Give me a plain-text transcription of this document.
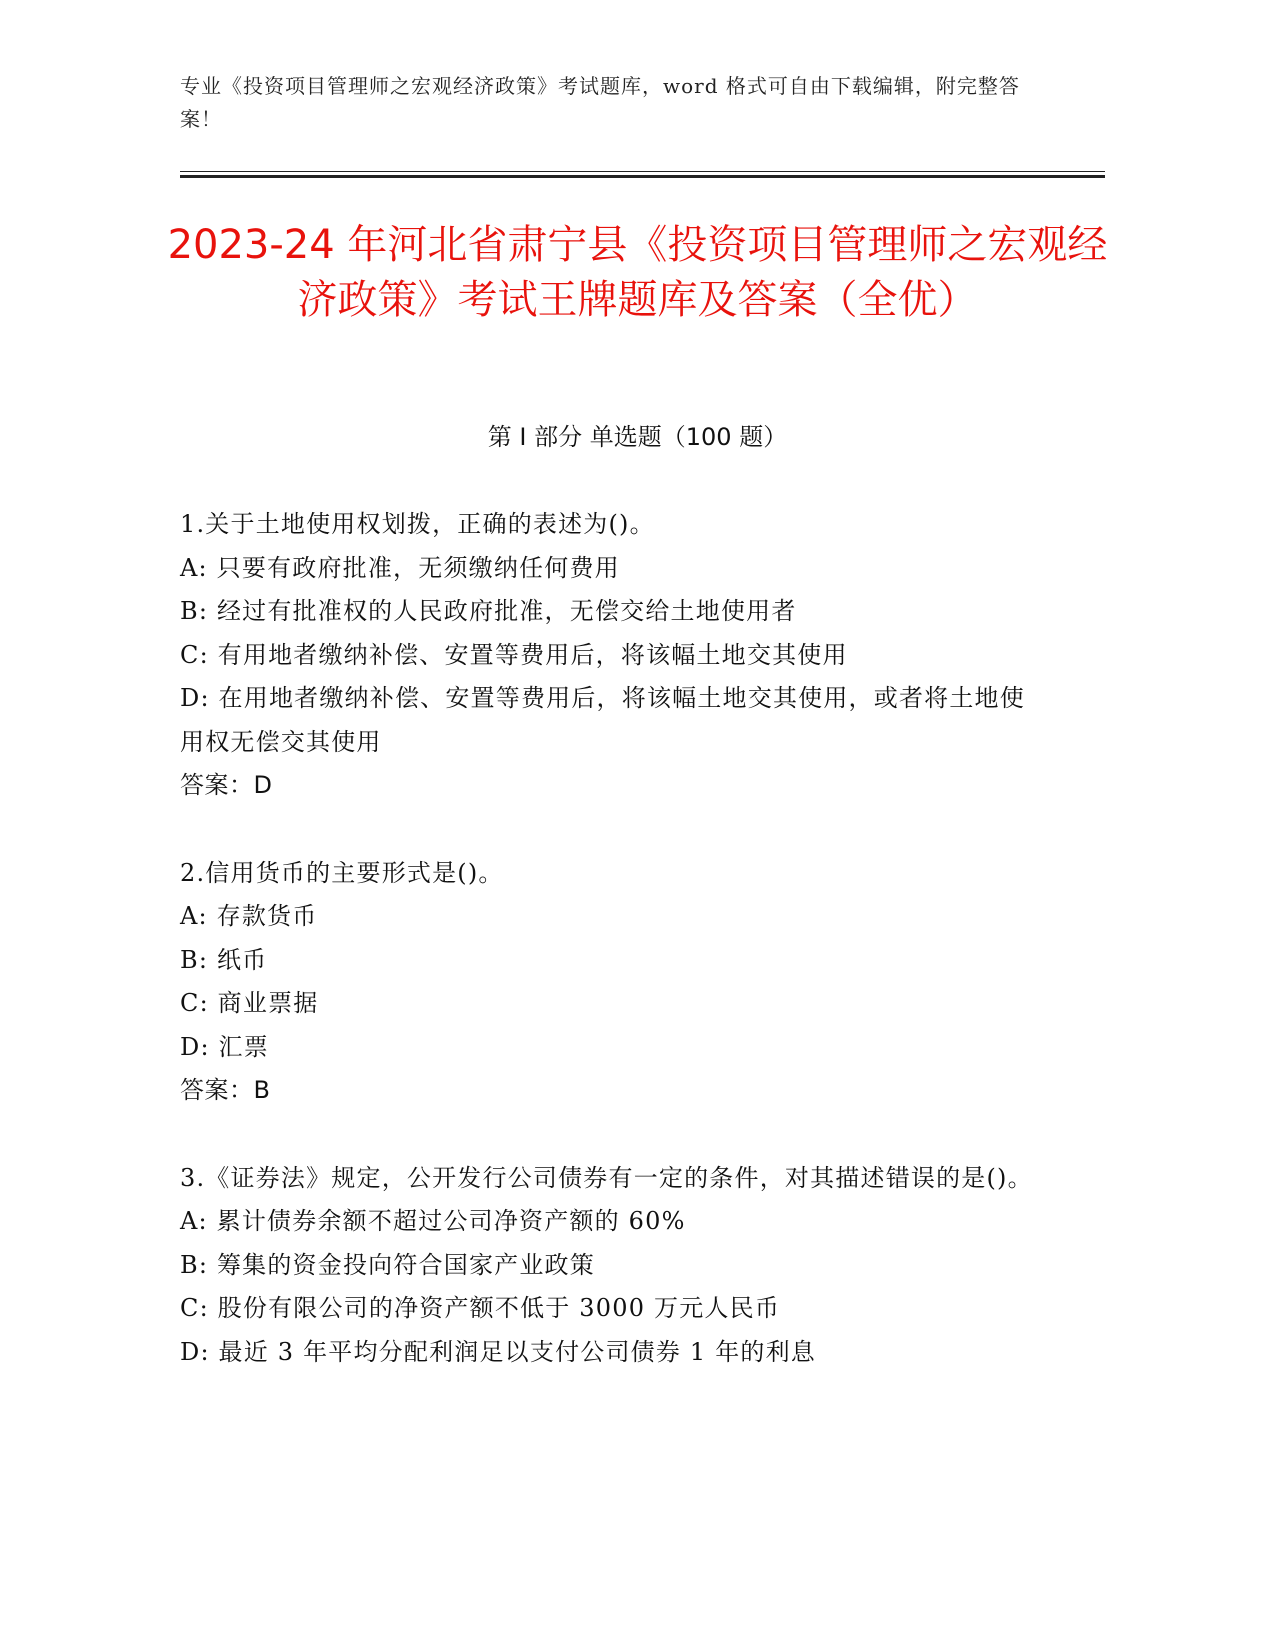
专业《投资项目管理师之宏观经济政策》考试题库，word 格式可自由下载编辑，附完整答案！
2023-24 年河北省肃宁县《投资项目管理师之宏观经济政策》考试王牌题库及答案（全优）
第 I 部分 单选题（100 题）

1.关于土地使用权划拨，正确的表述为()。

A: 只要有政府批准，无须缴纳任何费用

B: 经过有批准权的人民政府批准，无偿交给土地使用者

C: 有用地者缴纳补偿、安置等费用后，将该幅土地交其使用

D: 在用地者缴纳补偿、安置等费用后，将该幅土地交其使用，或者将土地使用权无偿交其使用

答案：D

2.信用货币的主要形式是()。

A: 存款货币

B: 纸币

C: 商业票据

D: 汇票

答案：B

3.《证券法》规定，公开发行公司债券有一定的条件，对其描述错误的是()。

A: 累计债券余额不超过公司净资产额的 60%

B: 筹集的资金投向符合国家产业政策

C: 股份有限公司的净资产额不低于 3000 万元人民币

D: 最近 3 年平均分配利润足以支付公司债券 1 年的利息
